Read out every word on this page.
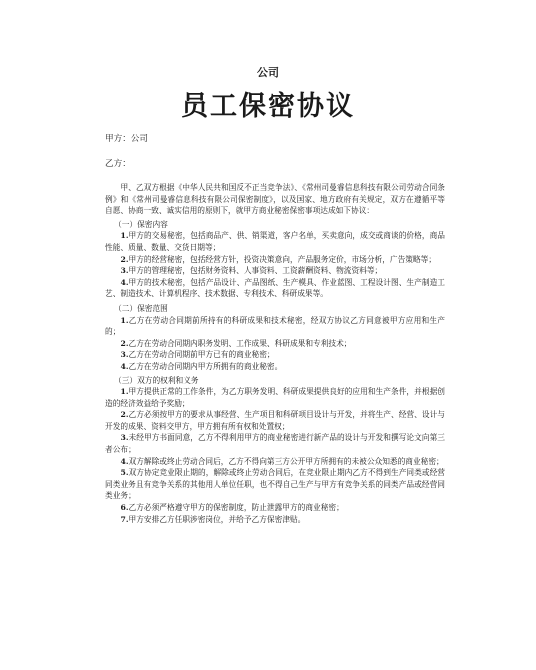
公司
员工保密协议
甲方：公司
乙方：

甲、乙双方根据《中华人民共和国反不正当竞争法》、《常州司曼睿信息科技有限公司劳动合同条例》和《常州司曼睿信息科技有限公司保密制度》，以及国家、地方政府有关规定，双方在遵循平等自愿、协商一致、诚实信用的原则下，就甲方商业秘密保密事项达成如下协议：

（一）保密内容

1.甲方的交易秘密，包括商品产、供、销渠道，客户名单，买卖意向，成交或商谈的价格，商品性能、质量、数量、交货日期等；

2.甲方的经营秘密，包括经营方针，投资决策意向，产品服务定价，市场分析，广告策略等；

3.甲方的管理秘密，包括财务资料、人事资料、工资薪酬资料、物流资料等；

4.甲方的技术秘密，包括产品设计、产品图纸、生产模具、作业蓝图、工程设计图、生产制造工艺、制造技术、计算机程序、技术数据、专利技术、科研成果等。

（二）保密范围

1.乙方在劳动合同期前所持有的科研成果和技术秘密，经双方协议乙方同意被甲方应用和生产的；

2.乙方在劳动合同期内职务发明、工作成果、科研成果和专利技术；

3.乙方在劳动合同期前甲方已有的商业秘密；

4.乙方在劳动合同期内甲方所拥有的商业秘密。

（三）双方的权利和义务

1.甲方提供正常的工作条件，为乙方职务发明、科研成果提供良好的应用和生产条件，并根据创造的经济效益给予奖励；

2.乙方必须按甲方的要求从事经营、生产项目和科研项目设计与开发，并将生产、经营、设计与开发的成果、资料交甲方，甲方拥有所有权和处置权；

3.未经甲方书面同意，乙方不得利用甲方的商业秘密进行新产品的设计与开发和撰写论文向第三者公布；

4.双方解除或终止劳动合同后，乙方不得向第三方公开甲方所拥有的未被公众知悉的商业秘密；

5.双方协定竞业限止期的，解除或终止劳动合同后，在竞业限止期内乙方不得到生产同类或经营同类业务且有竞争关系的其他用人单位任职，也不得自己生产与甲方有竞争关系的同类产品或经营同类业务；

6.乙方必须严格遵守甲方的保密制度，防止泄露甲方的商业秘密；

7.甲方安排乙方任职涉密岗位，并给予乙方保密津贴。
